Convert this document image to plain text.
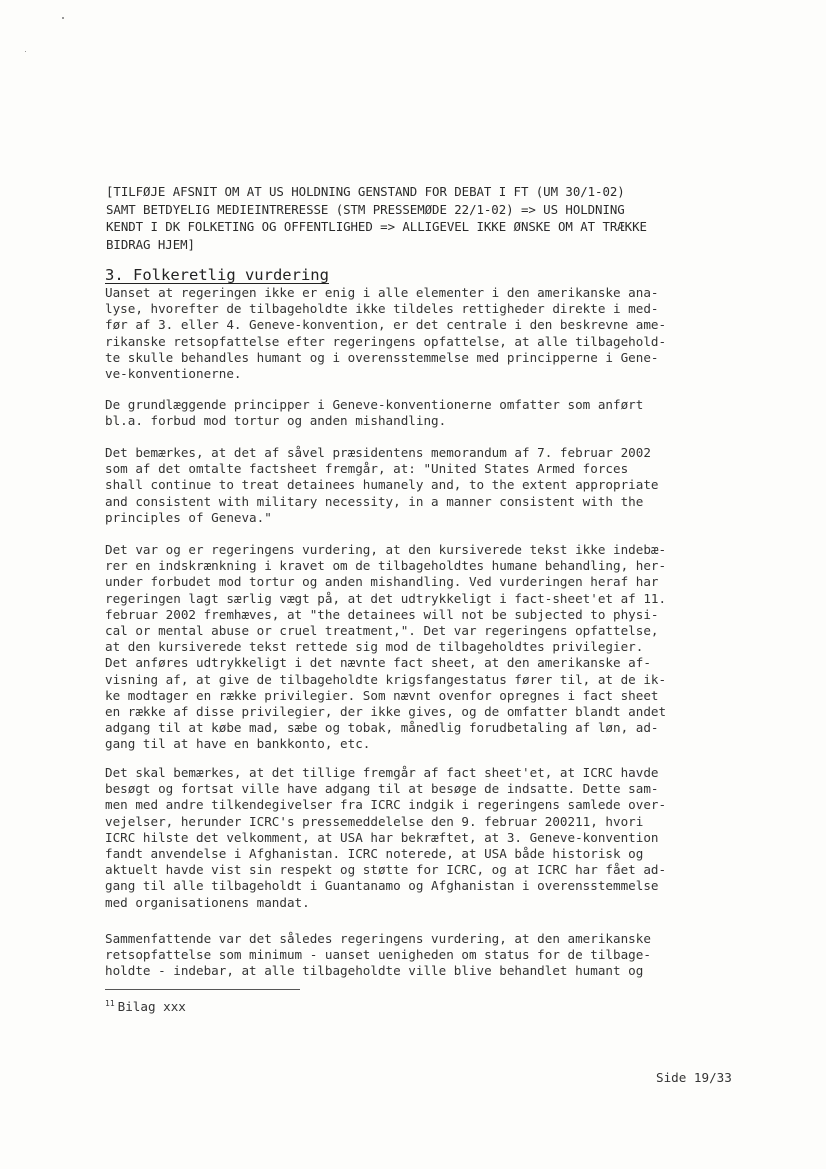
[TILFØJE AFSNIT OM AT US HOLDNING GENSTAND FOR DEBAT I FT (UM 30/1-02)
SAMT BETDYELIG MEDIEINTRERESSE (STM PRESSEMØDE 22/1-02) => US HOLDNING
KENDT I DK FOLKETING OG OFFENTLIGHED => ALLIGEVEL IKKE ØNSKE OM AT TRÆKKE
BIDRAG HJEM]
3. Folkeretlig vurdering
Uanset at regeringen ikke er enig i alle elementer i den amerikanske ana-
lyse, hvorefter de tilbageholdte ikke tildeles rettigheder direkte i med-
før af 3. eller 4. Geneve-konvention, er det centrale i den beskrevne ame-
rikanske retsopfattelse efter regeringens opfattelse, at alle tilbagehold-
te skulle behandles humant og i overensstemmelse med principperne i Gene-
ve-konventionerne.
De grundlæggende principper i Geneve-konventionerne omfatter som anført
bl.a. forbud mod tortur og anden mishandling.
Det bemærkes, at det af såvel præsidentens memorandum af 7. februar 2002
som af det omtalte factsheet fremgår, at: "United States Armed forces
shall continue to treat detainees humanely and, to the extent appropriate
and consistent with military necessity, in a manner consistent with the
principles of Geneva."
Det var og er regeringens vurdering, at den kursiverede tekst ikke indebæ-
rer en indskrænkning i kravet om de tilbageholdtes humane behandling, her-
under forbudet mod tortur og anden mishandling. Ved vurderingen heraf har
regeringen lagt særlig vægt på, at det udtrykkeligt i fact-sheet'et af 11.
februar 2002 fremhæves, at "the detainees will not be subjected to physi-
cal or mental abuse or cruel treatment,". Det var regeringens opfattelse,
at den kursiverede tekst rettede sig mod de tilbageholdtes privilegier.
Det anføres udtrykkeligt i det nævnte fact sheet, at den amerikanske af-
visning af, at give de tilbageholdte krigsfangestatus fører til, at de ik-
ke modtager en række privilegier. Som nævnt ovenfor opregnes i fact sheet
en række af disse privilegier, der ikke gives, og de omfatter blandt andet
adgang til at købe mad, sæbe og tobak, månedlig forudbetaling af løn, ad-
gang til at have en bankkonto, etc.
Det skal bemærkes, at det tillige fremgår af fact sheet'et, at ICRC havde
besøgt og fortsat ville have adgang til at besøge de indsatte. Dette sam-
men med andre tilkendegivelser fra ICRC indgik i regeringens samlede over-
vejelser, herunder ICRC's pressemeddelelse den 9. februar 200211, hvori
ICRC hilste det velkomment, at USA har bekræftet, at 3. Geneve-konvention
fandt anvendelse i Afghanistan. ICRC noterede, at USA både historisk og
aktuelt havde vist sin respekt og støtte for ICRC, og at ICRC har fået ad-
gang til alle tilbageholdt i Guantanamo og Afghanistan i overensstemmelse
med organisationens mandat.
Sammenfattende var det således regeringens vurdering, at den amerikanske
retsopfattelse som minimum - uanset uenigheden om status for de tilbage-
holdte - indebar, at alle tilbageholdte ville blive behandlet humant og
$^{11}$ Bilag xxx
Side 19/33
